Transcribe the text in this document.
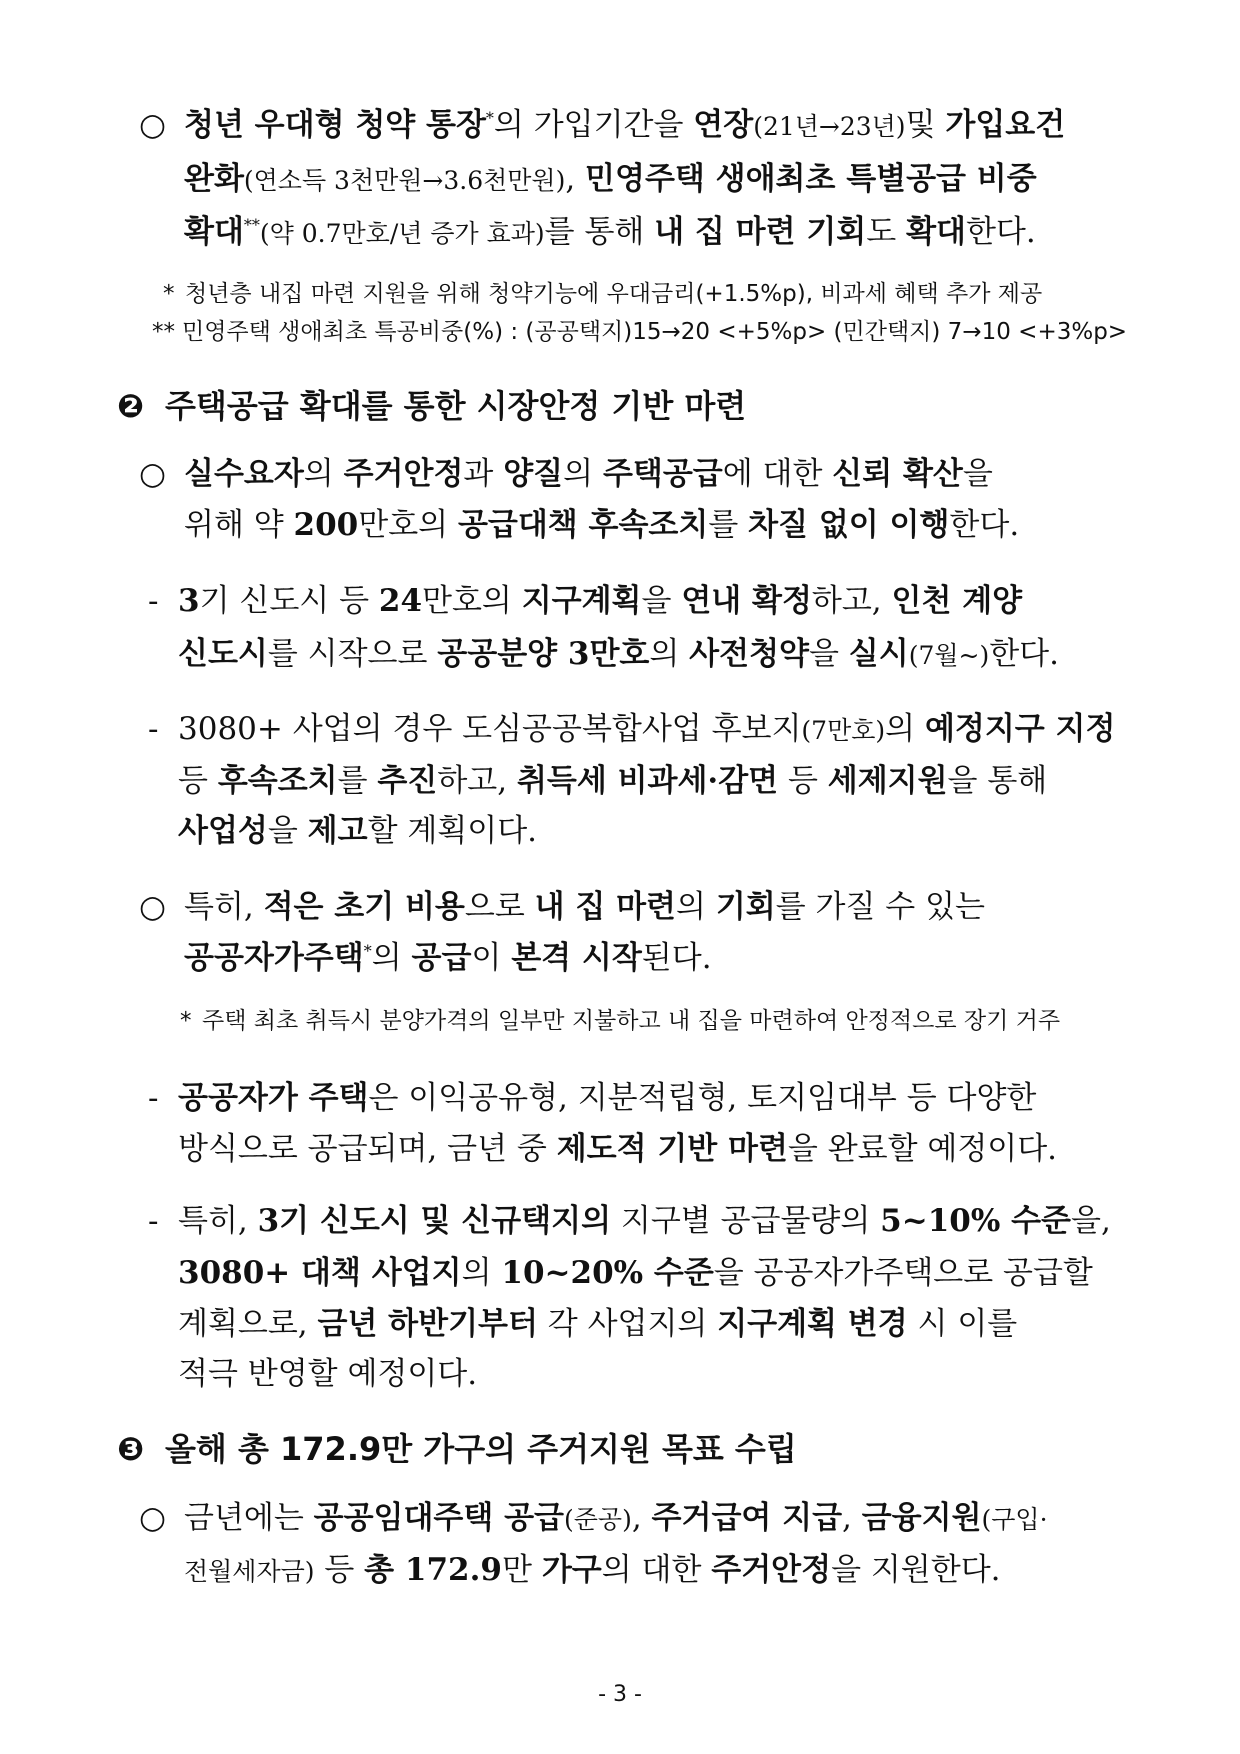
○ 청년 우대형 청약 통장*의 가입기간을 연장(21년→23년)및 가입요건
완화(연소득 3천만원→3.6천만원), 민영주택 생애최초 특별공급 비중
확대**(약 0.7만호/년 증가 효과)를 통해 내 집 마련 기회도 확대한다.
* 청년층 내집 마련 지원을 위해 청약기능에 우대금리(+1.5%p), 비과세 혜택 추가 제공
** 민영주택 생애최초 특공비중(%) : (공공택지)15→20 <+5%p> (민간택지) 7→10 <+3%p>
❷ 주택공급 확대를 통한 시장안정 기반 마련
○ 실수요자의 주거안정과 양질의 주택공급에 대한 신뢰 확산을
위해 약 200만호의 공급대책 후속조치를 차질 없이 이행한다.
- 3기 신도시 등 24만호의 지구계획을 연내 확정하고, 인천 계양
신도시를 시작으로 공공분양 3만호의 사전청약을 실시(7월~)한다.
- 3080+ 사업의 경우 도심공공복합사업 후보지(7만호)의 예정지구 지정
등 후속조치를 추진하고, 취득세 비과세·감면 등 세제지원을 통해
사업성을 제고할 계획이다.
○ 특히, 적은 초기 비용으로 내 집 마련의 기회를 가질 수 있는
공공자가주택*의 공급이 본격 시작된다.
* 주택 최초 취득시 분양가격의 일부만 지불하고 내 집을 마련하여 안정적으로 장기 거주
- 공공자가 주택은 이익공유형, 지분적립형, 토지임대부 등 다양한
방식으로 공급되며, 금년 중 제도적 기반 마련을 완료할 예정이다.
- 특히, 3기 신도시 및 신규택지의 지구별 공급물량의 5~10% 수준을,
3080+ 대책 사업지의 10~20% 수준을 공공자가주택으로 공급할
계획으로, 금년 하반기부터 각 사업지의 지구계획 변경 시 이를
적극 반영할 예정이다.
❸ 올해 총 172.9만 가구의 주거지원 목표 수립
○ 금년에는 공공임대주택 공급(준공), 주거급여 지급, 금융지원(구입·
전월세자금) 등 총 172.9만 가구의 대한 주거안정을 지원한다.
- 3 -
